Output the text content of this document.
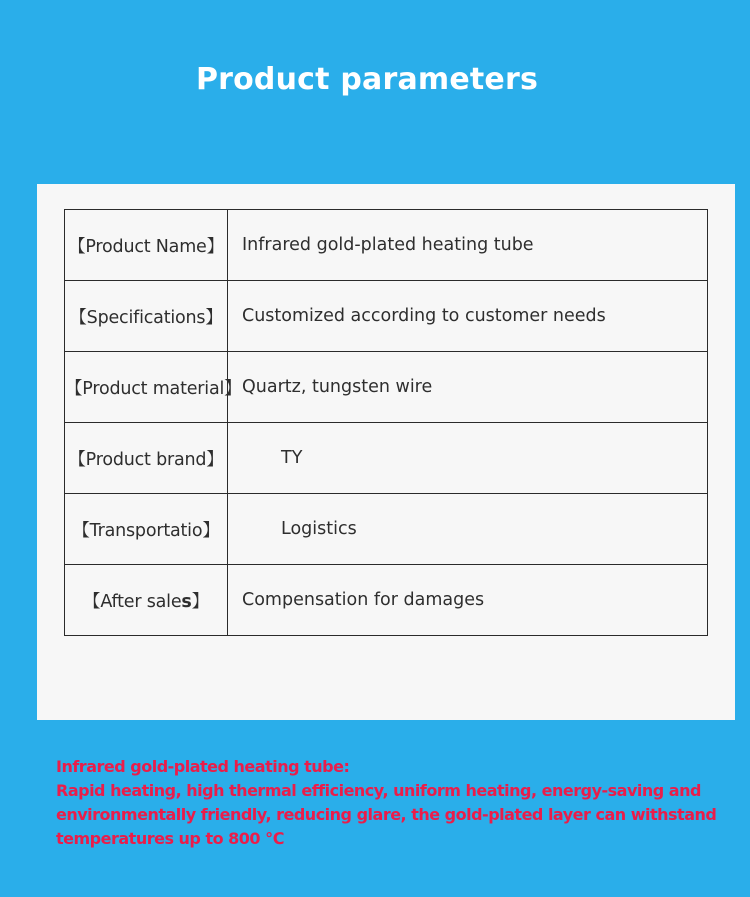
Product parameters
【Product Name】	Infrared gold-plated heating tube
【Specifications】	Customized according to customer needs
【Product material】	Quartz, tungsten wire
【Product brand】	TY
【Transportatio】	Logistics
【After sales】	Compensation for damages
Infrared gold-plated heating tube:
Rapid heating, high thermal efficiency, uniform heating, energy-saving and
environmentally friendly, reducing glare, the gold-plated layer can withstand
temperatures up to 800 ℃
